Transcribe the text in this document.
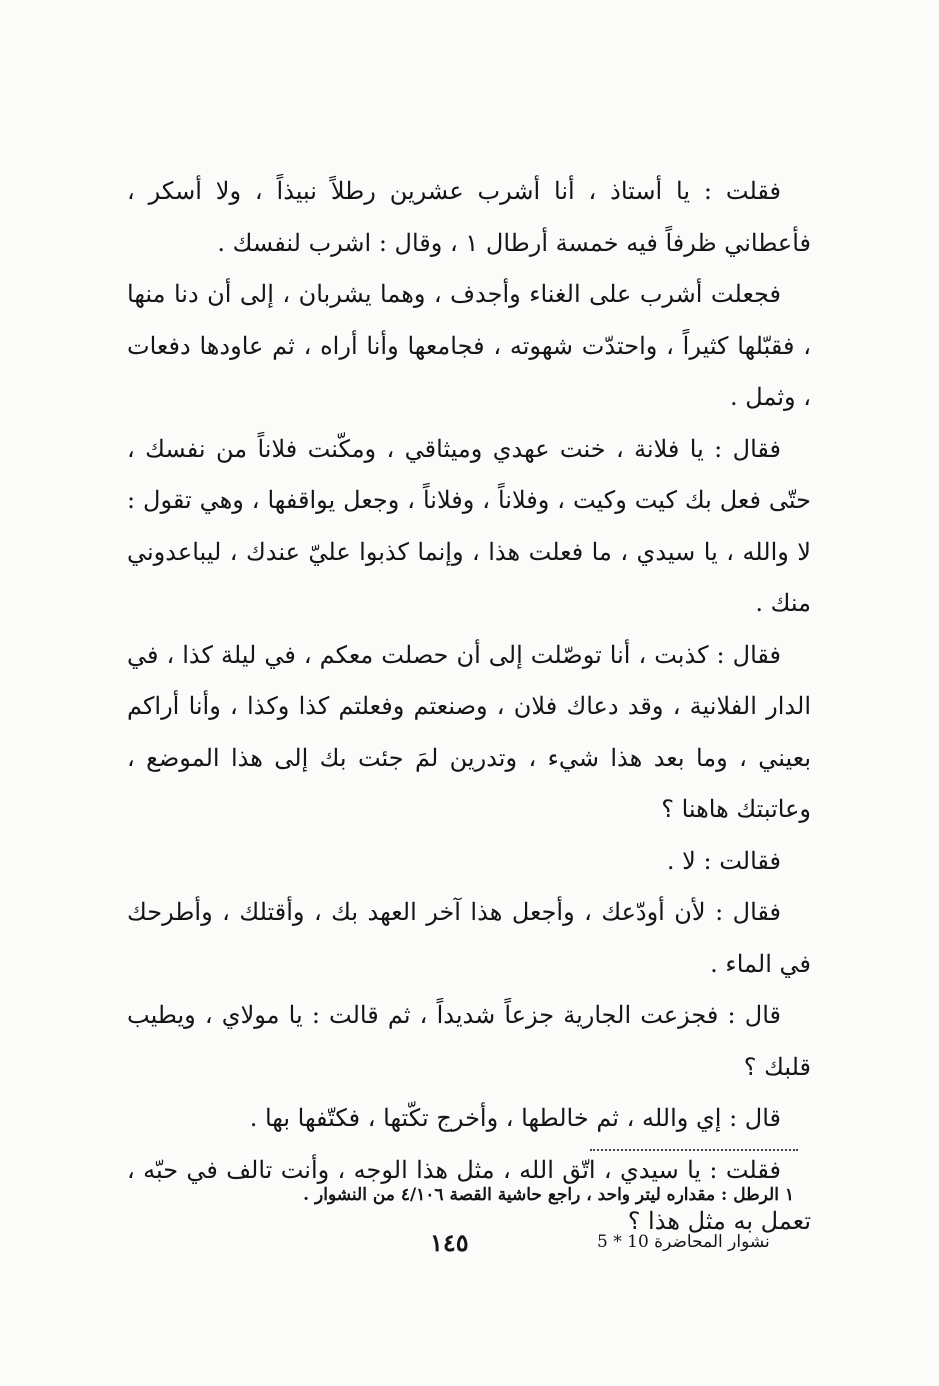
فقلت : يا أستاذ ، أنا أشرب عشرين رطلاً نبيذاً ، ولا أسكر ، فأعطاني ظرفاً فيه خمسة أرطال ١ ، وقال : اشرب لنفسك .

فجعلت أشرب على الغناء وأجدف ، وهما يشربان ، إلى أن دنا منها ، فقبّلها كثيراً ، واحتدّت شهوته ، فجامعها وأنا أراه ، ثم عاودها دفعات ، وثمل .

فقال : يا فلانة ، خنت عهدي وميثاقي ، ومكّنت فلاناً من نفسك ، حتّى فعل بك كيت وكيت ، وفلاناً ، وفلاناً ، وجعل يواقفها ، وهي تقول : لا والله ، يا سيدي ، ما فعلت هذا ، وإنما كذبوا عليّ عندك ، ليباعدوني منك .

فقال : كذبت ، أنا توصّلت إلى أن حصلت معكم ، في ليلة كذا ، في الدار الفلانية ، وقد دعاك فلان ، وصنعتم وفعلتم كذا وكذا ، وأنا أراكم بعيني ، وما بعد هذا شيء ، وتدرين لمَ جئت بك إلى هذا الموضع ، وعاتبتك هاهنا ؟

فقالت : لا .

فقال : لأن أودّعك ، وأجعل هذا آخر العهد بك ، وأقتلك ، وأطرحك في الماء .

قال : فجزعت الجارية جزعاً شديداً ، ثم قالت : يا مولاي ، ويطيب قلبك ؟

قال : إي والله ، ثم خالطها ، وأخرج تكّتها ، فكتّفها بها .

فقلت : يا سيدي ، اتّق الله ، مثل هذا الوجه ، وأنت تالف في حبّه ، تعمل به مثل هذا ؟

١ الرطل : مقداره ليتر واحد ، راجع حاشية القصة ٤/١٠٦ من النشوار .
١٤٥	5 * نشوار المحاضرة 10
